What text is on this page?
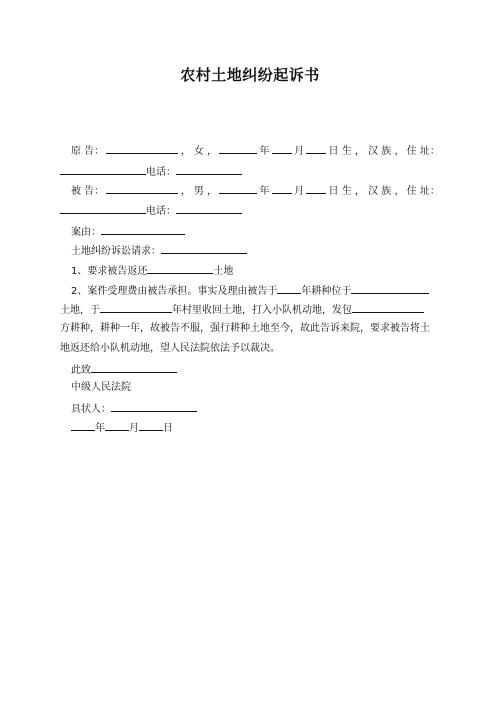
农村土地纠纷起诉书
原 告：	， 女 ，	年 月 日 生 ， 汉 族 ， 住 址：
电话：
被 告：	， 男 ，	年 月 日 生 ， 汉 族 ， 住 址：
电话：
案由：
土地纠纷诉讼请求：
1、要求被告返还	土地
2、案件受理费由被告承担。事实及理由被告于 年耕种位于
土地，于	年村里收回土地，打入小队机动地，发包
方耕种，耕种一年，故被告不服，强行耕种土地至今，故此告诉来院，要求被告将土
地返还给小队机动地，望人民法院依法予以裁决。
此致
中级人民法院
具状人：
年 月 日
